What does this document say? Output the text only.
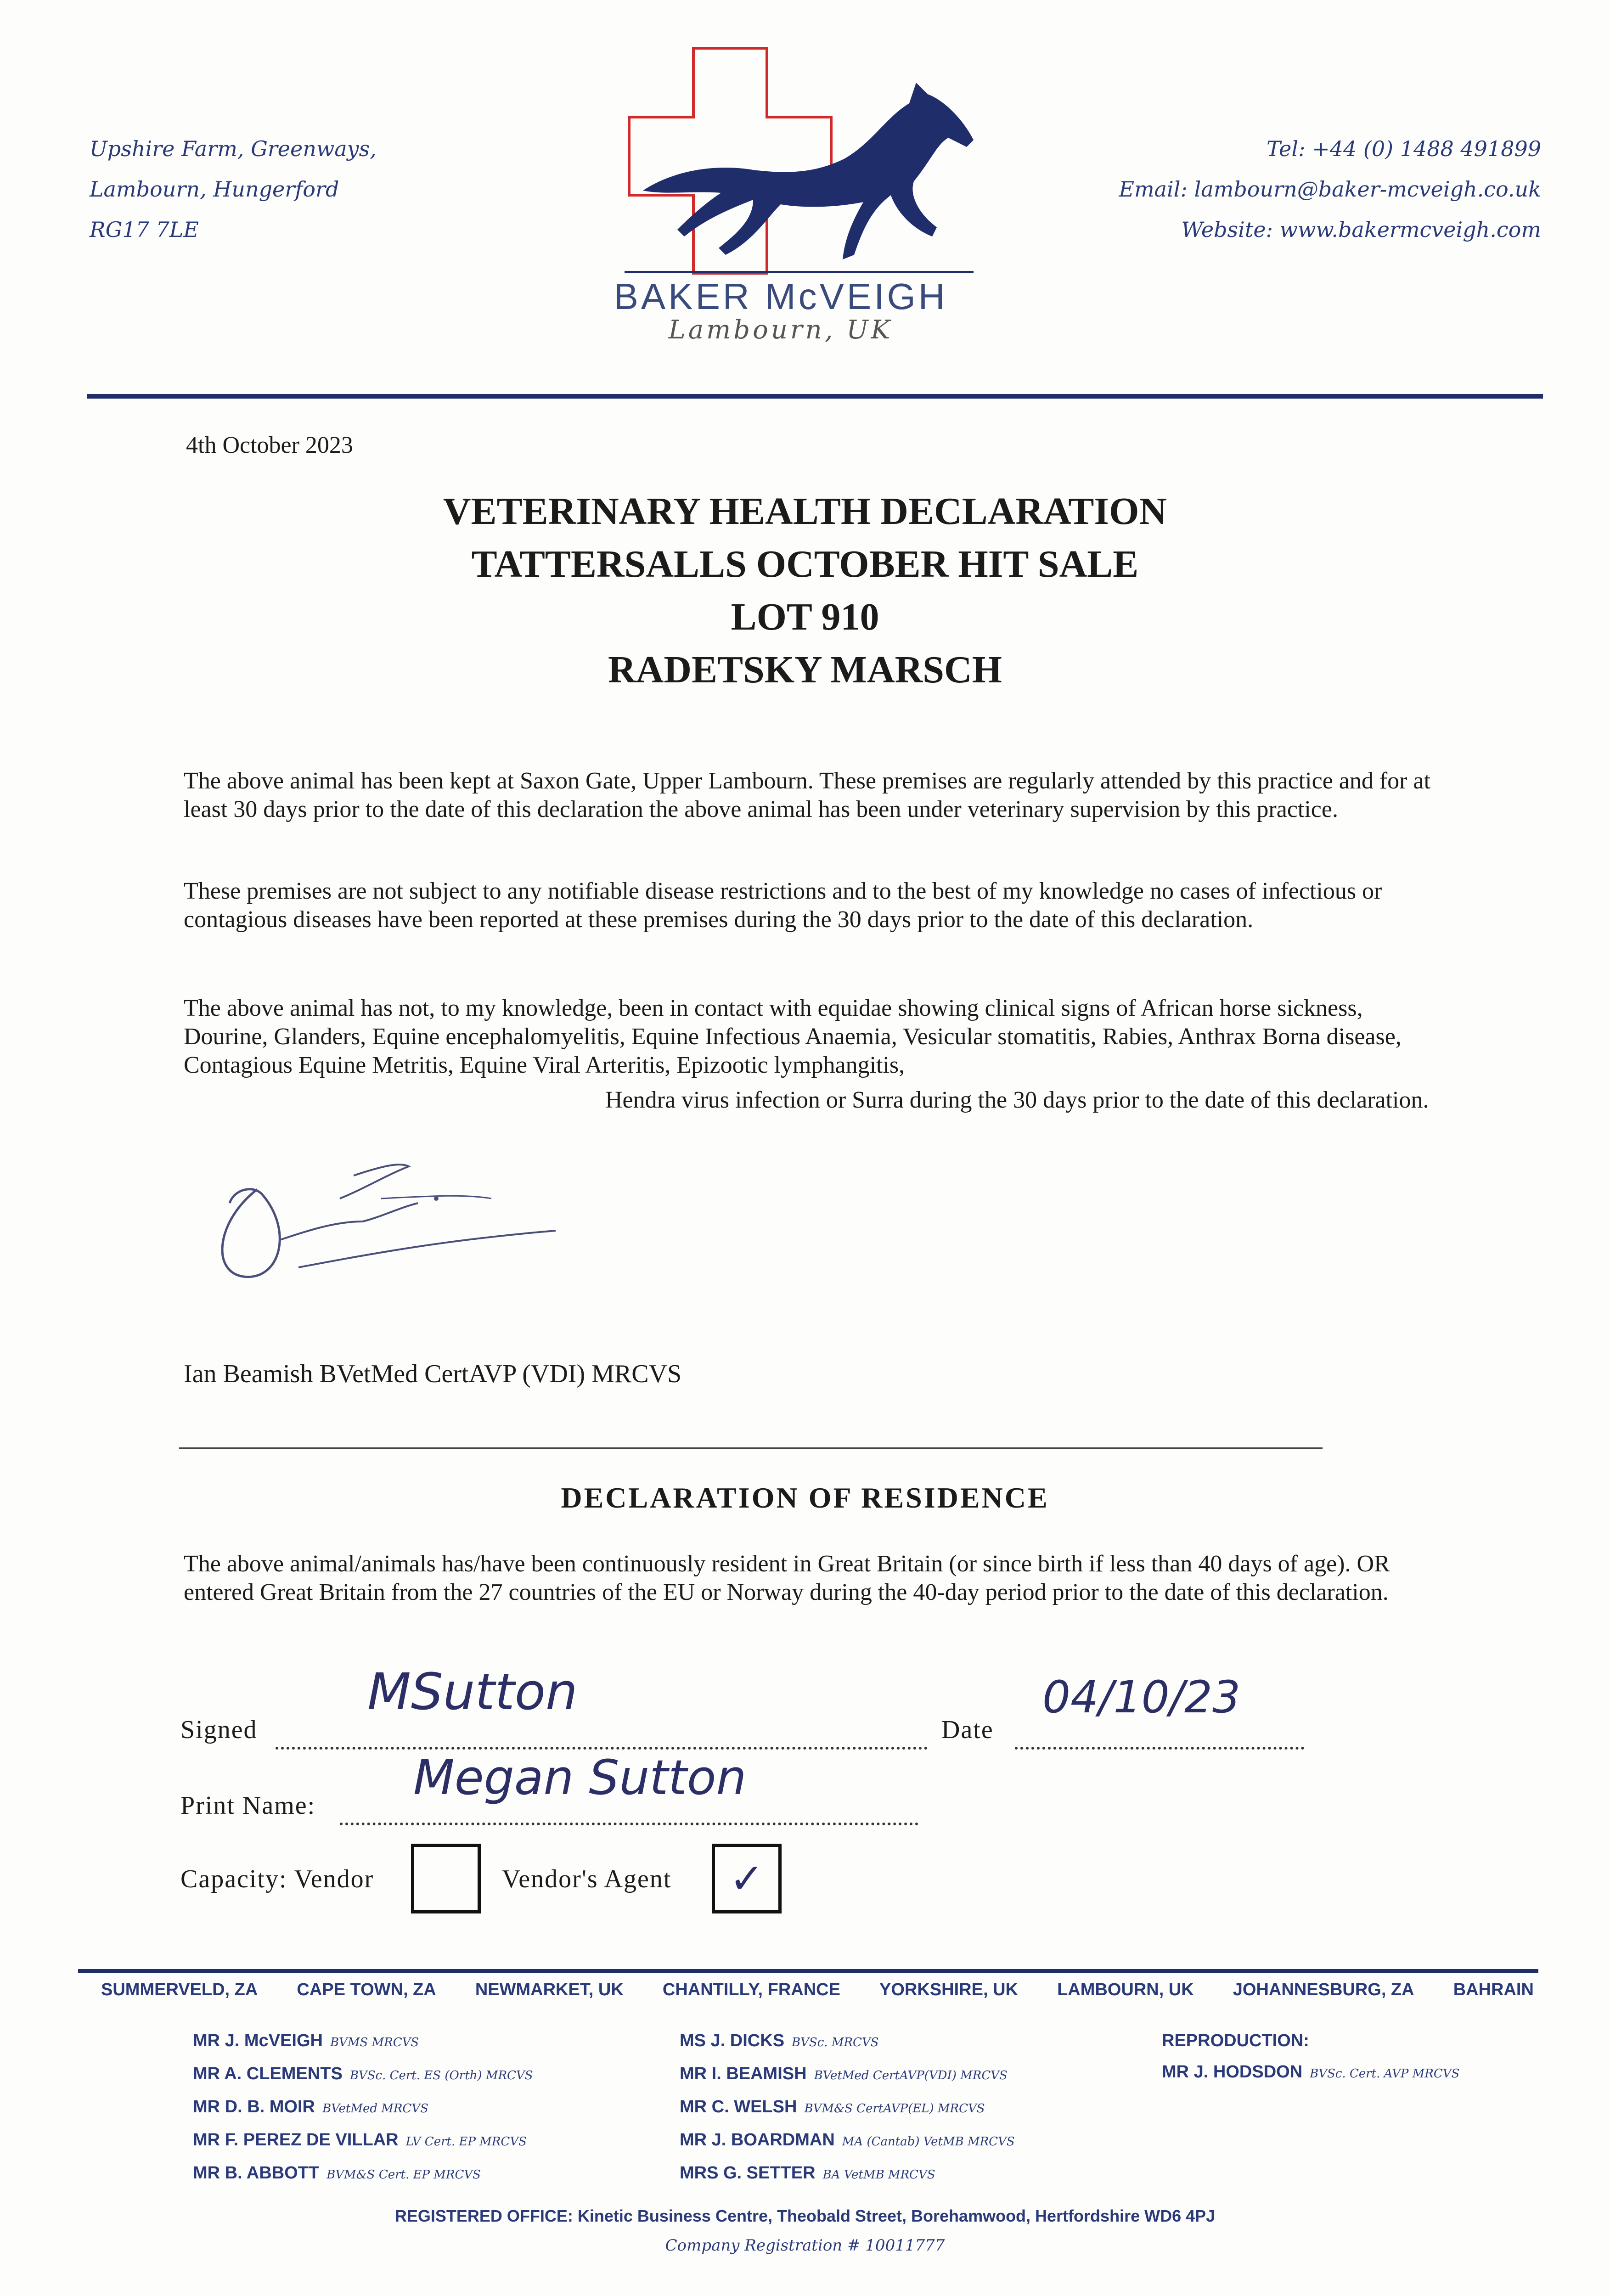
Upshire Farm, Greenways,
Lambourn, Hungerford
RG17 7LE
Tel: +44 (0) 1488 491899
Email: lambourn@baker-mcveigh.co.uk
Website: www.bakermcveigh.com
BAKER McVEIGH
Lambourn, UK
4th October 2023
VETERINARY HEALTH DECLARATION
TATTERSALLS OCTOBER HIT SALE
LOT 910
RADETSKY MARSCH
The above animal has been kept at Saxon Gate, Upper Lambourn. These premises are regularly attended by this practice and for at least 30 days prior to the date of this declaration the above animal has been under veterinary supervision by this practice.
These premises are not subject to any notifiable disease restrictions and to the best of my knowledge no cases of infectious or contagious diseases have been reported at these premises during the 30 days prior to the date of this declaration.
The above animal has not, to my knowledge, been in contact with equidae showing clinical signs of African horse sickness, Dourine, Glanders, Equine encephalomyelitis, Equine Infectious Anaemia, Vesicular stomatitis, Rabies, Anthrax Borna disease, Contagious Equine Metritis, Equine Viral Arteritis, Epizootic lymphangitis,
Hendra virus infection or Surra during the 30 days prior to the date of this declaration.
Ian Beamish BVetMed CertAVP (VDI) MRCVS
DECLARATION OF RESIDENCE
The above animal/animals has/have been continuously resident in Great Britain (or since birth if less than 40 days of age). OR entered Great Britain from the 27 countries of the EU or Norway during the 40-day period prior to the date of this declaration.
Signed

MSutton
Date

04/10/23
Print Name:
Megan Sutton
Capacity: Vendor	Vendor's Agent ✓
SUMMERVELD, ZA CAPE TOWN, ZA NEWMARKET, UK CHANTILLY, FRANCE YORKSHIRE, UK LAMBOURN, UK JOHANNESBURG, ZA BAHRAIN
MR J. McVEIGH BVMS MRCVS
MR A. CLEMENTS BVSc. Cert. ES (Orth) MRCVS
MR D. B. MOIR BVetMed MRCVS
MR F. PEREZ DE VILLAR LV Cert. EP MRCVS
MR B. ABBOTT BVM&S Cert. EP MRCVS
MS J. DICKS BVSc. MRCVS
MR I. BEAMISH BVetMed CertAVP(VDI) MRCVS
MR C. WELSH BVM&S CertAVP(EL) MRCVS
MR J. BOARDMAN MA (Cantab) VetMB MRCVS
MRS G. SETTER BA VetMB MRCVS
REPRODUCTION:
MR J. HODSDON BVSc. Cert. AVP MRCVS
REGISTERED OFFICE: Kinetic Business Centre, Theobald Street, Borehamwood, Hertfordshire WD6 4PJ
Company Registration # 10011777
